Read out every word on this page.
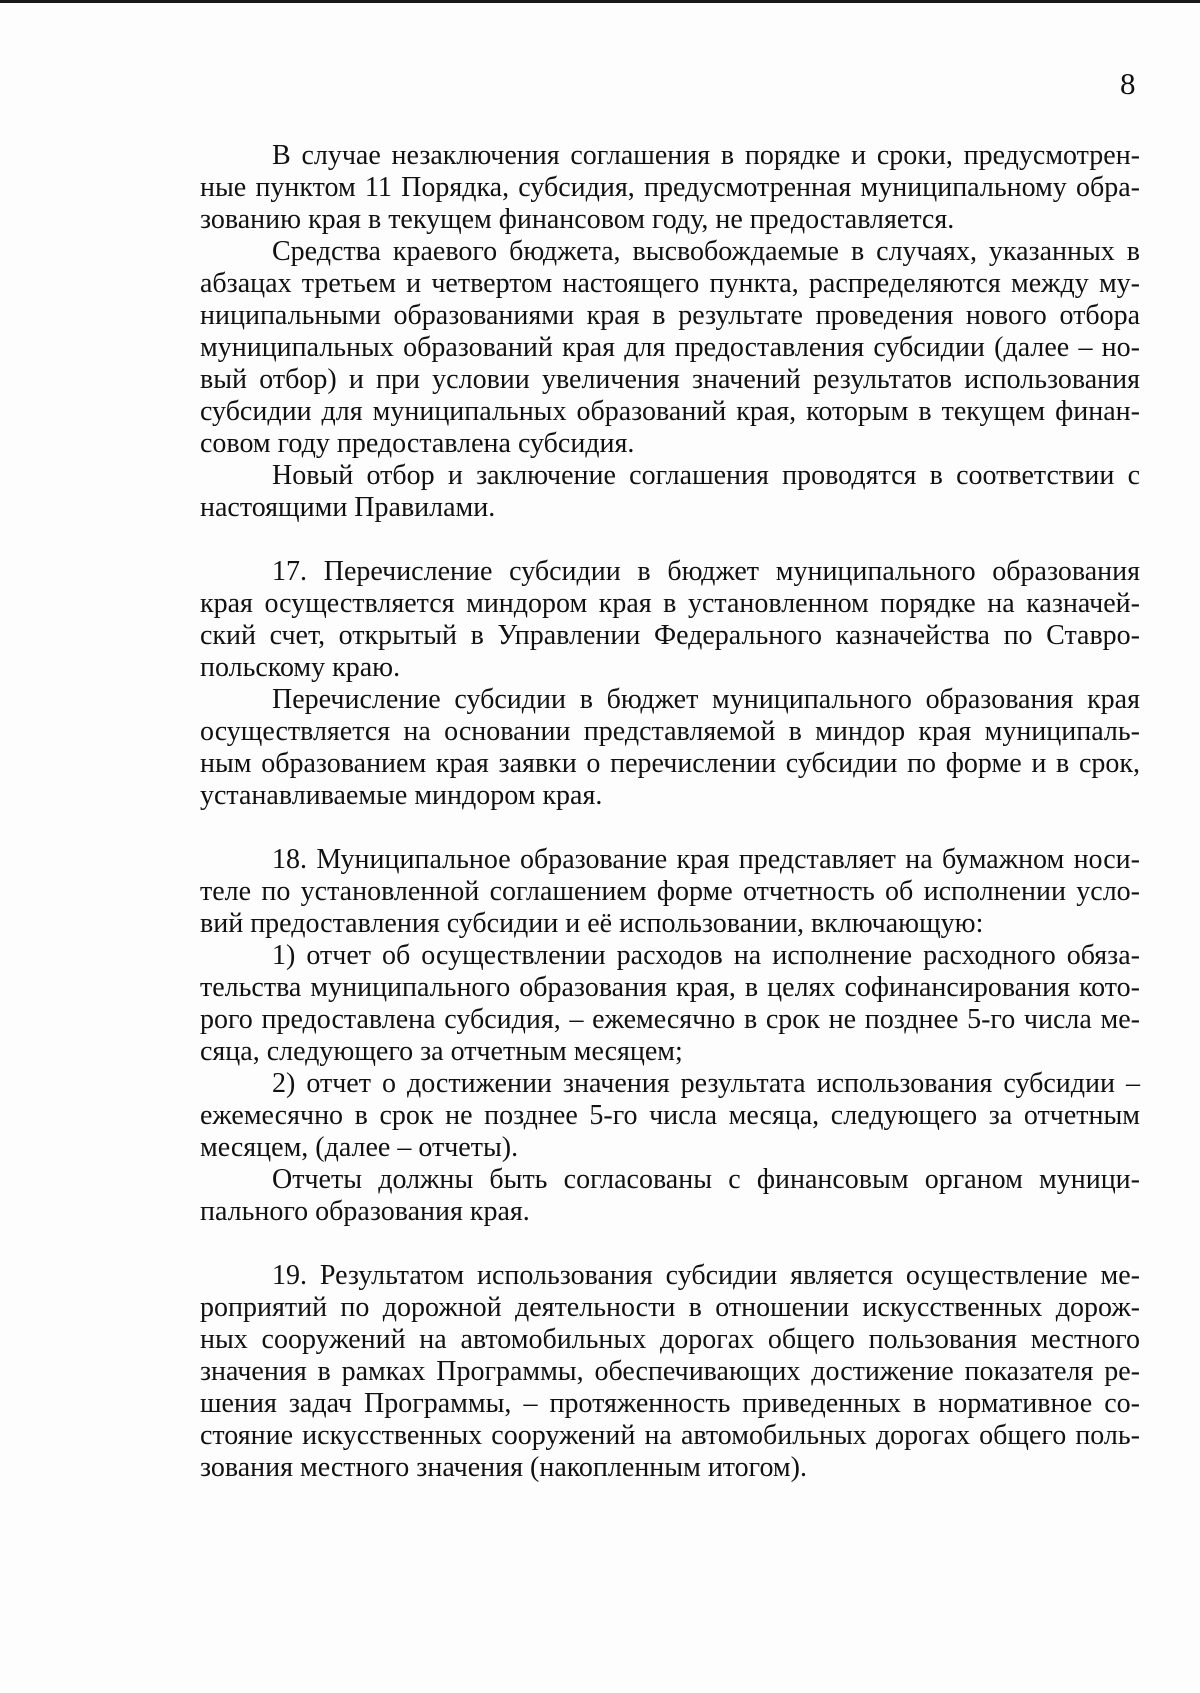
8
В случае незаключения соглашения в порядке и сроки, предусмотрен-
ные пунктом 11 Порядка, субсидия, предусмотренная муниципальному обра-
зованию края в текущем финансовом году, не предоставляется.
Средства краевого бюджета, высвобождаемые в случаях, указанных в
абзацах третьем и четвертом настоящего пункта, распределяются между му-
ниципальными образованиями края в результате проведения нового отбора
муниципальных образований края для предоставления субсидии (далее – но-
вый отбор) и при условии увеличения значений результатов использования
субсидии для муниципальных образований края, которым в текущем финан-
совом году предоставлена субсидия.
Новый отбор и заключение соглашения проводятся в соответствии с
настоящими Правилами.
17. Перечисление субсидии в бюджет муниципального образования
края осуществляется миндором края в установленном порядке на казначей-
ский счет, открытый в Управлении Федерального казначейства по Ставро-
польскому краю.
Перечисление субсидии в бюджет муниципального образования края
осуществляется на основании представляемой в миндор края муниципаль-
ным образованием края заявки о перечислении субсидии по форме и в срок,
устанавливаемые миндором края.
18. Муниципальное образование края представляет на бумажном носи-
теле по установленной соглашением форме отчетность об исполнении усло-
вий предоставления субсидии и её использовании, включающую:
1) отчет об осуществлении расходов на исполнение расходного обяза-
тельства муниципального образования края, в целях софинансирования кото-
рого предоставлена субсидия, – ежемесячно в срок не позднее 5-го числа ме-
сяца, следующего за отчетным месяцем;
2) отчет о достижении значения результата использования субсидии –
ежемесячно в срок не позднее 5-го числа месяца, следующего за отчетным
месяцем, (далее – отчеты).
Отчеты должны быть согласованы с финансовым органом муници-
пального образования края.
19. Результатом использования субсидии является осуществление ме-
роприятий по дорожной деятельности в отношении искусственных дорож-
ных сооружений на автомобильных дорогах общего пользования местного
значения в рамках Программы, обеспечивающих достижение показателя ре-
шения задач Программы, – протяженность приведенных в нормативное со-
стояние искусственных сооружений на автомобильных дорогах общего поль-
зования местного значения (накопленным итогом).
